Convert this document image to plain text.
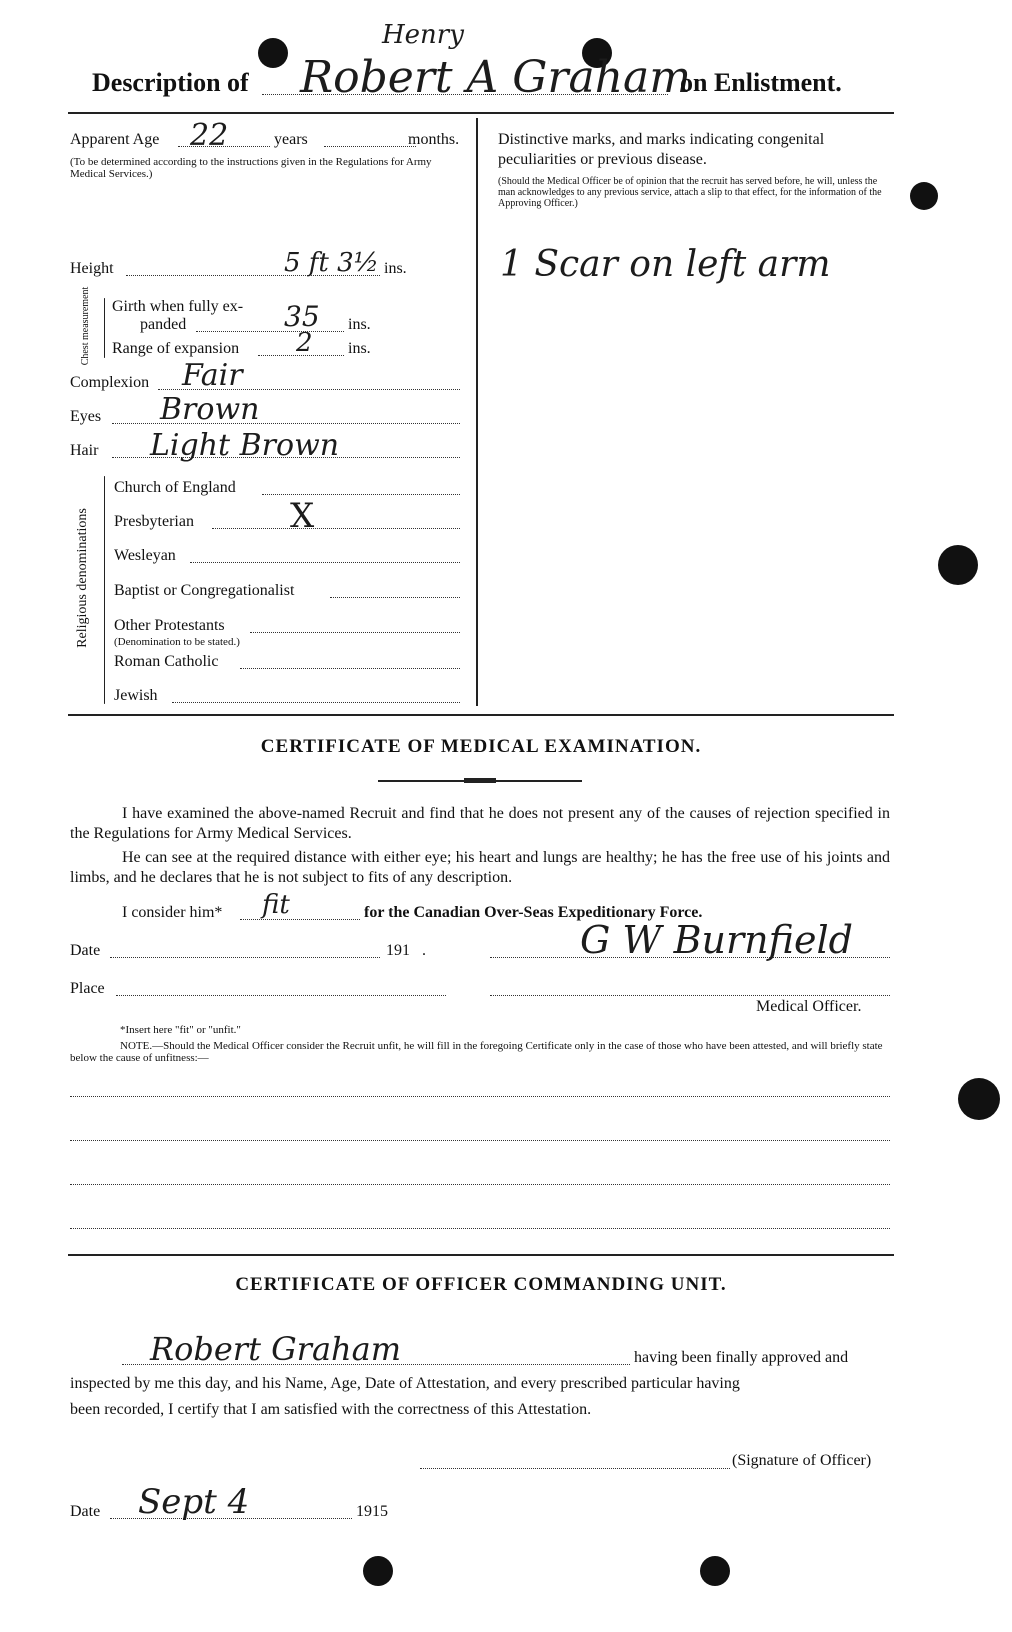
Description of
Henry
Robert A Graham
on Enlistment.
Apparent Age 22	years	months.
(To be determined according to the instructions given in the Regulations for Army Medical Services.)
Height	5 ft 3½ ins.
Chest measurement Girth when fully ex-
panded	35 ins.
Range of expansion 2 ins.
Complexion Fair
Eyes Brown
Hair Light Brown
Religious denominations
Church of England
Presbyterian	X
Wesleyan
Baptist or Congregationalist
Other Protestants
(Denomination to be stated.)
Roman Catholic
Jewish
Distinctive marks, and marks indicating congenital peculiarities or previous disease.
(Should the Medical Officer be of opinion that the recruit has served before, he will, unless the man acknowledges to any previous service, attach a slip to that effect, for the information of the Approving Officer.)
1 Scar on left arm
CERTIFICATE OF MEDICAL EXAMINATION.
I have examined the above-named Recruit and find that he does not present any of the causes of rejection specified in the Regulations for Army Medical Services.
He can see at the required distance with either eye; his heart and lungs are healthy; he has the free use of his joints and limbs, and he declares that he is not subject to fits of any description.
I consider him* fit	for the Canadian Over-Seas Expeditionary Force.
Date	191 .	G W Burnfield
Place
Medical Officer.
*Insert here "fit" or "unfit."
NOTE.—Should the Medical Officer consider the Recruit unfit, he will fill in the foregoing Certificate only in the case of those who have been attested, and will briefly state below the cause of unfitness:—
CERTIFICATE OF OFFICER COMMANDING UNIT.
Robert Graham	having been finally approved and
inspected by me this day, and his Name, Age, Date of Attestation, and every prescribed particular having
been recorded, I certify that I am satisfied with the correctness of this Attestation.
(Signature of Officer)
Date Sept 4	1915
